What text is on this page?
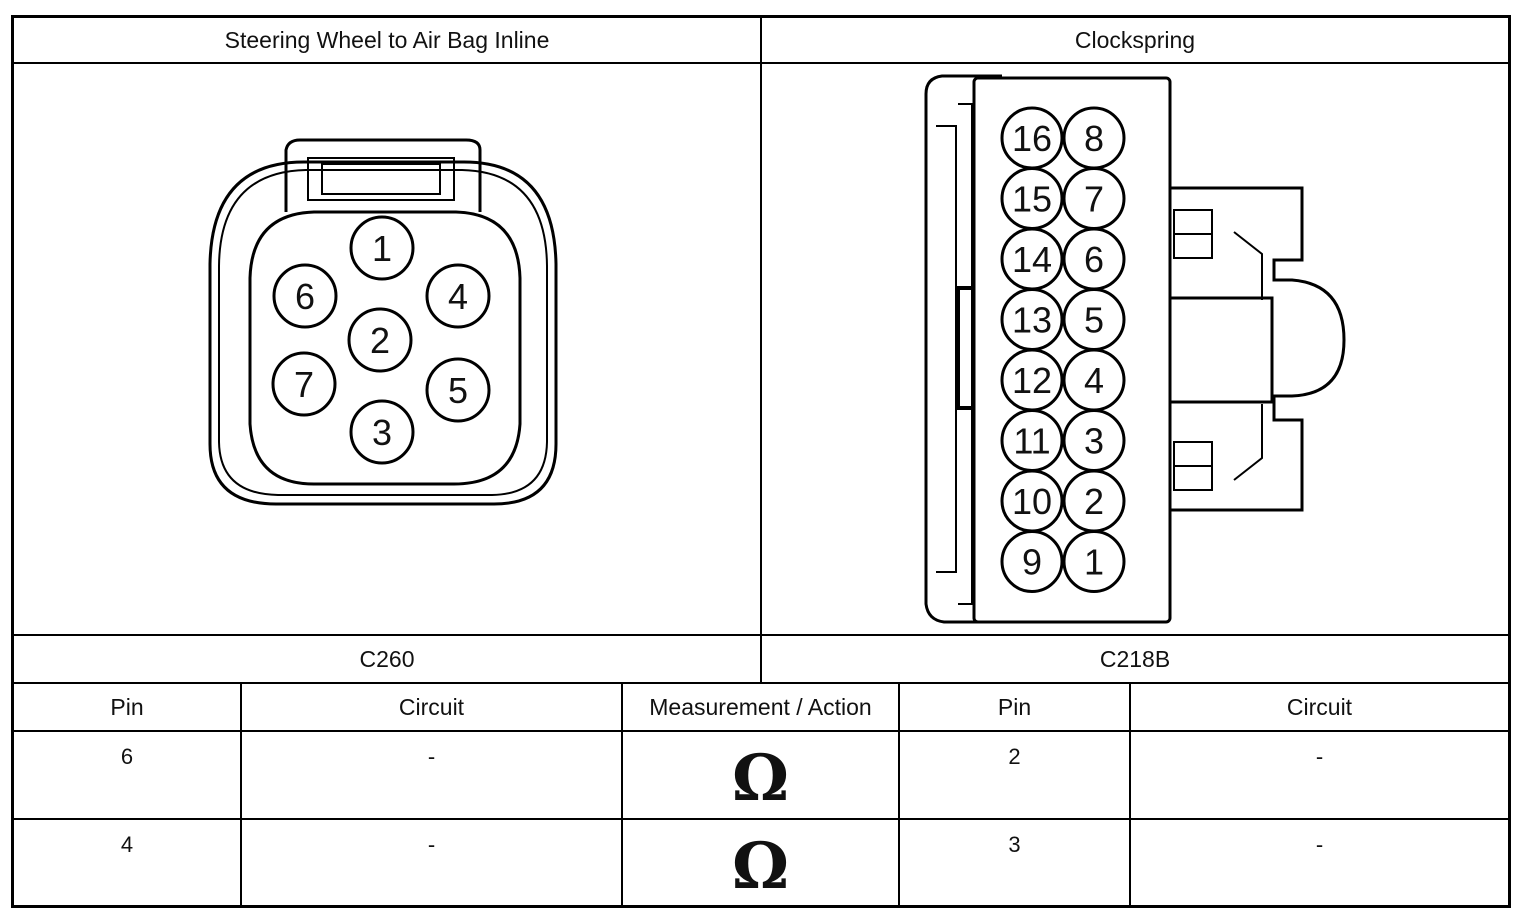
Steering Wheel to Air Bag Inline	Clockspring
C260	C218B
Pin	Circuit	Measurement / Action	Pin	Circuit
6	-	Ω	2	-
4	-	Ω	3	-
1
2
3
4
5
6
7
16
15
14
13
12
11
10
9
8
7
6
5
4
3
2
1
